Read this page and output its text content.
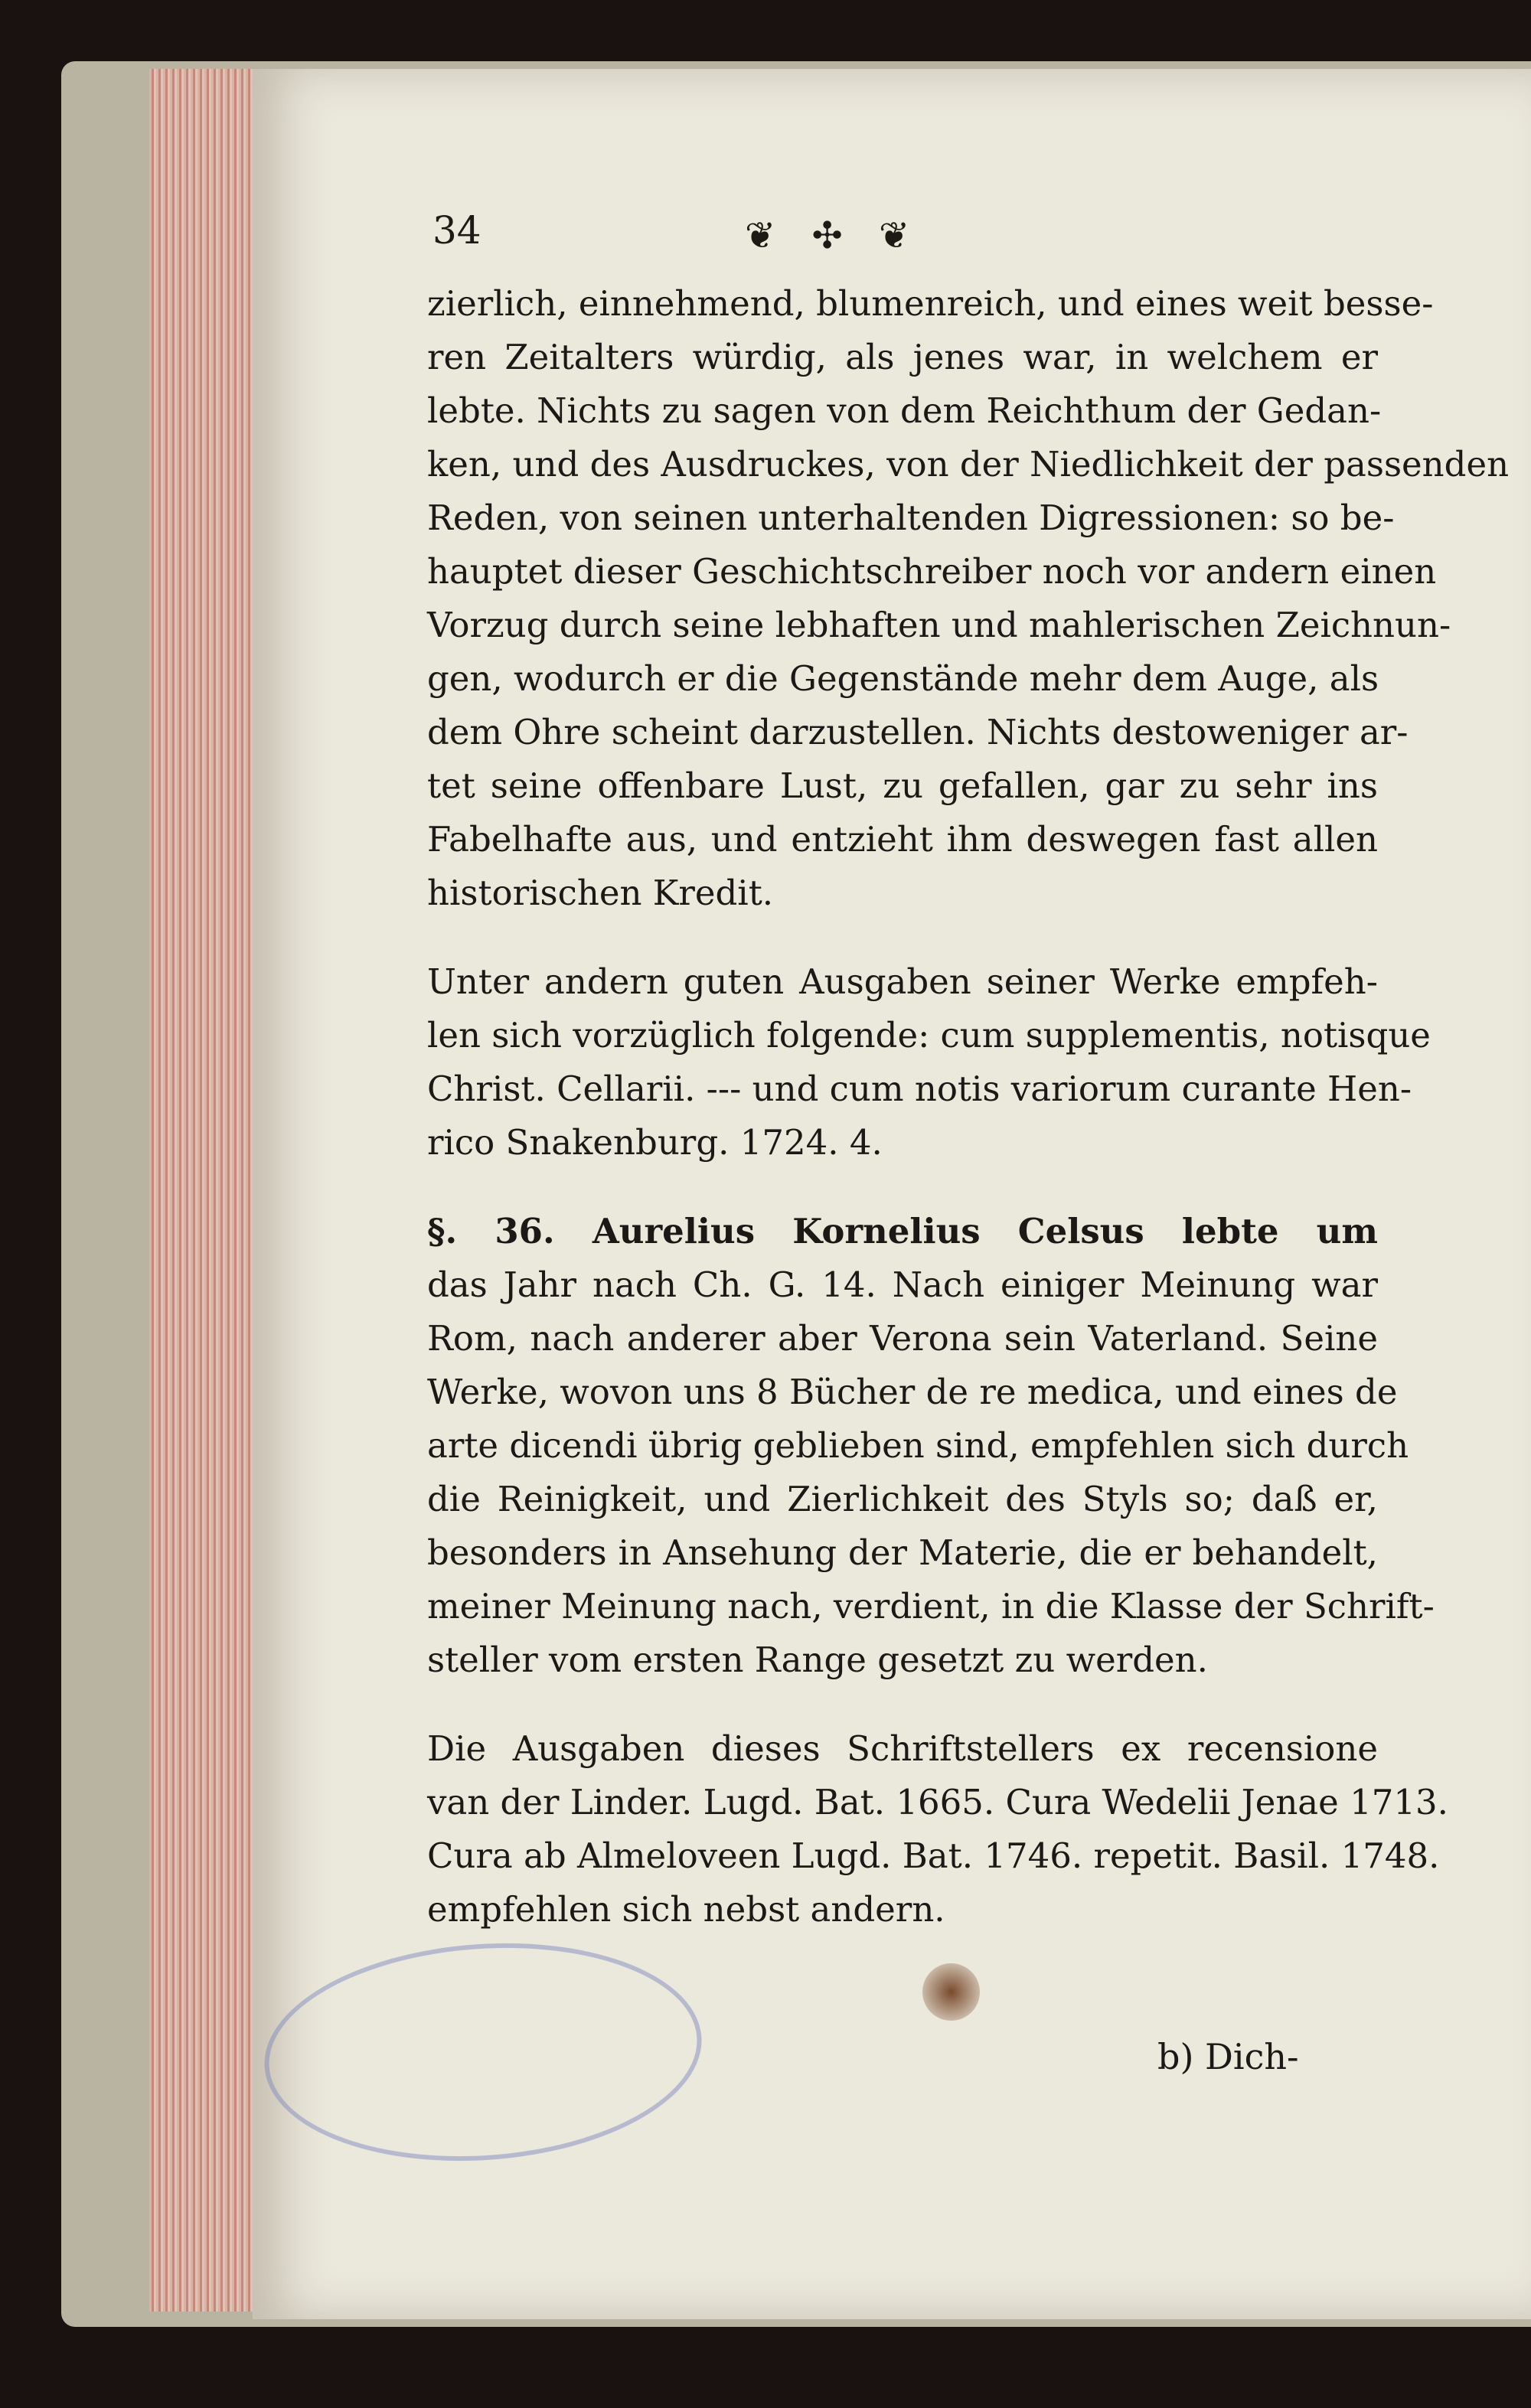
34	❦ ✣ ❦

zierlich, einnehmend, blumenreich, und eines weit besse-

ren Zeitalters würdig, als jenes war, in welchem er

lebte. Nichts zu sagen von dem Reichthum der Gedan-

ken, und des Ausdruckes, von der Niedlichkeit der passenden

Reden, von seinen unterhaltenden Digressionen: so be-

hauptet dieser Geschichtschreiber noch vor andern einen

Vorzug durch seine lebhaften und mahlerischen Zeichnun-

gen, wodurch er die Gegenstände mehr dem Auge, als

dem Ohre scheint darzustellen. Nichts destoweniger ar-

tet seine offenbare Lust, zu gefallen, gar zu sehr ins

Fabelhafte aus, und entzieht ihm deswegen fast allen

historischen Kredit.

Unter andern guten Ausgaben seiner Werke empfeh-

len sich vorzüglich folgende: cum supplementis, notisque

Christ. Cellarii. --- und cum notis variorum curante Hen-

rico Snakenburg. 1724. 4.

§. 36. Aurelius Kornelius Celsus lebte um

das Jahr nach Ch. G. 14. Nach einiger Meinung war

Rom, nach anderer aber Verona sein Vaterland. Seine

Werke, wovon uns 8 Bücher de re medica, und eines de

arte dicendi übrig geblieben sind, empfehlen sich durch

die Reinigkeit, und Zierlichkeit des Styls so; daß er,

besonders in Ansehung der Materie, die er behandelt,

meiner Meinung nach, verdient, in die Klasse der Schrift-

steller vom ersten Range gesetzt zu werden.

Die Ausgaben dieses Schriftstellers ex recensione

van der Linder. Lugd. Bat. 1665. Cura Wedelii Jenae 1713.

Cura ab Almeloveen Lugd. Bat. 1746. repetit. Basil. 1748.

empfehlen sich nebst andern.

b) Dich-
